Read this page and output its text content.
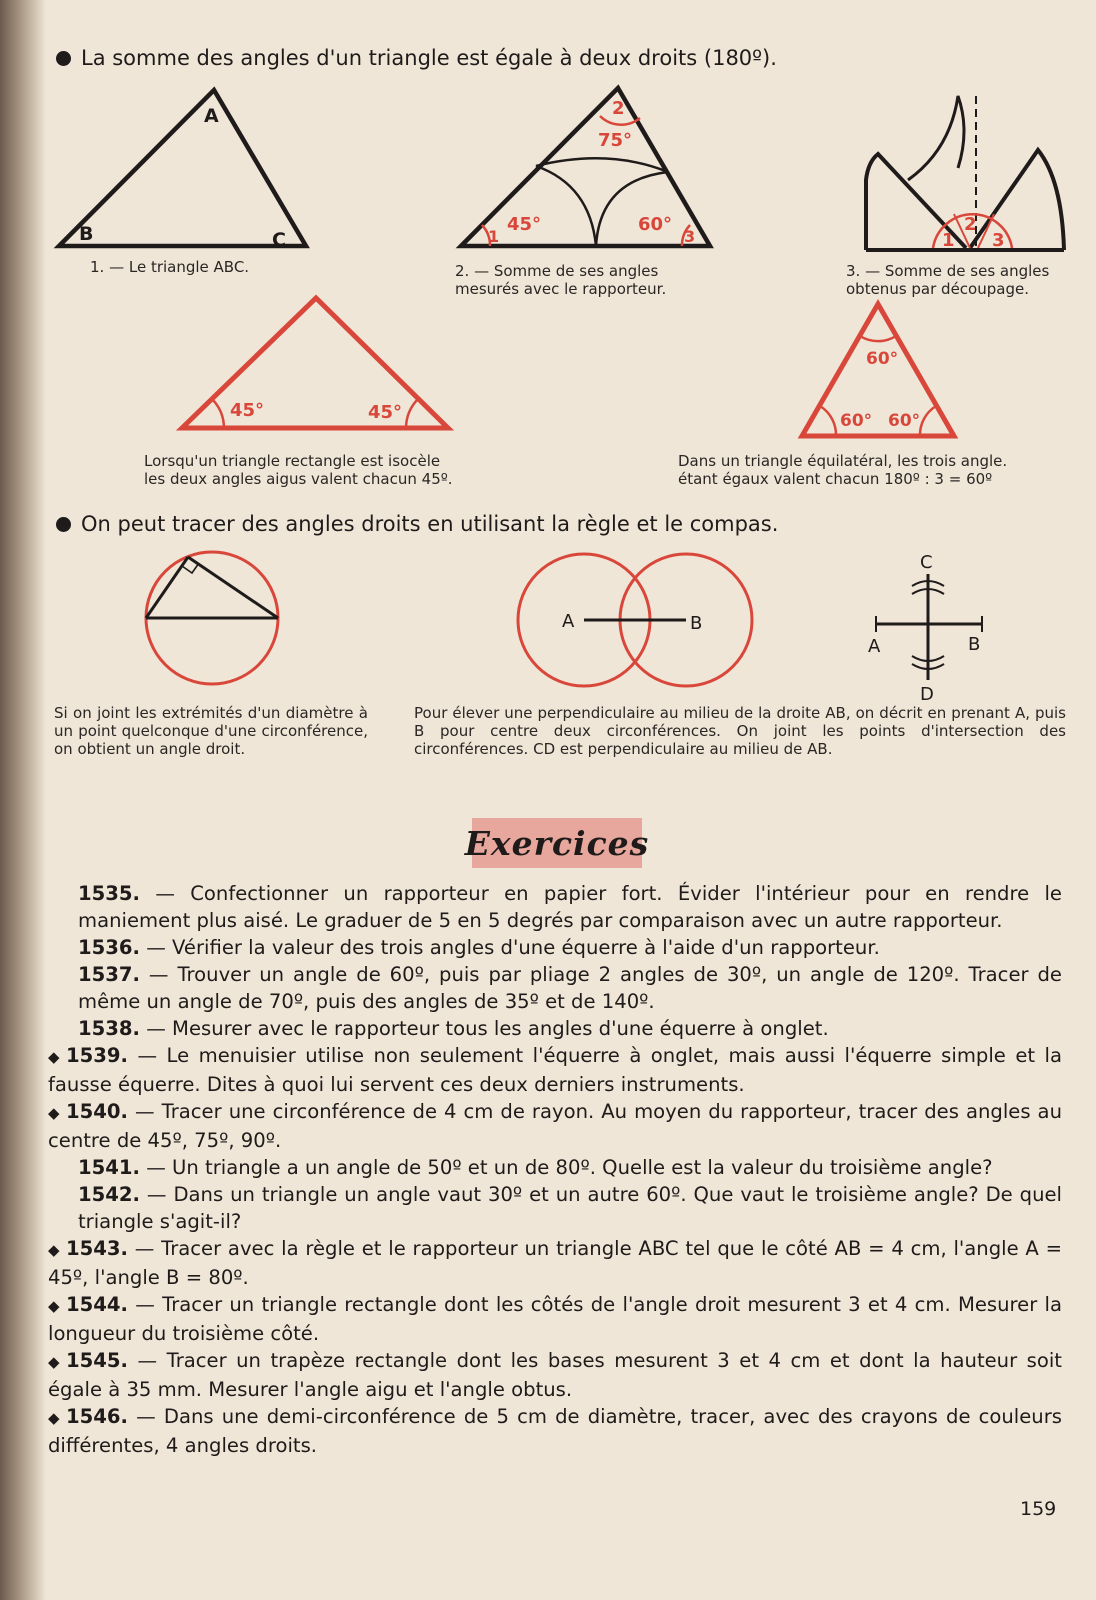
La somme des angles d'un triangle est égale à deux droits (180º).
A
B	C
1. — Le triangle ABC.
1
2
3
45°
75°
60°
2. — Somme de ses angles
mesurés avec le rapporteur.
1
2
3
3. — Somme de ses angles
obtenus par découpage.
45°	45°
Lorsqu'un triangle rectangle est isocèle
les deux angles aigus valent chacun 45º.
60°
60° 60°
Dans un triangle équilatéral, les trois angle.
étant égaux valent chacun 180º : 3 = 60º
On peut tracer des angles droits en utilisant la règle et le compas.
Si on joint les extrémités d'un diamètre à un point quelconque d'une circonférence, on obtient un angle droit.
A	B
C
A	B
D
Pour élever une perpendiculaire au milieu de la droite AB, on décrit en prenant A, puis B pour centre deux circonférences. On joint les points d'intersection des circonférences. CD est perpendiculaire au milieu de AB.
Exercices
1535. — Confectionner un rapporteur en papier fort. Évider l'intérieur pour en rendre le maniement plus aisé. Le graduer de 5 en 5 degrés par comparaison avec un autre rapporteur.
1536. — Vérifier la valeur des trois angles d'une équerre à l'aide d'un rapporteur.
1537. — Trouver un angle de 60º, puis par pliage 2 angles de 30º, un angle de 120º. Tracer de même un angle de 70º, puis des angles de 35º et de 140º.
1538. — Mesurer avec le rapporteur tous les angles d'une équerre à onglet.
◆ 1539. — Le menuisier utilise non seulement l'équerre à onglet, mais aussi l'équerre simple et la fausse équerre. Dites à quoi lui servent ces deux derniers instruments.
◆ 1540. — Tracer une circonférence de 4 cm de rayon. Au moyen du rapporteur, tracer des angles au centre de 45º, 75º, 90º.
1541. — Un triangle a un angle de 50º et un de 80º. Quelle est la valeur du troisième angle?
1542. — Dans un triangle un angle vaut 30º et un autre 60º. Que vaut le troisième angle? De quel triangle s'agit-il?
◆ 1543. — Tracer avec la règle et le rapporteur un triangle ABC tel que le côté AB = 4 cm, l'angle A = 45º, l'angle B = 80º.
◆ 1544. — Tracer un triangle rectangle dont les côtés de l'angle droit mesurent 3 et 4 cm. Mesurer la longueur du troisième côté.
◆ 1545. — Tracer un trapèze rectangle dont les bases mesurent 3 et 4 cm et dont la hauteur soit égale à 35 mm. Mesurer l'angle aigu et l'angle obtus.
◆ 1546. — Dans une demi-circonférence de 5 cm de diamètre, tracer, avec des crayons de couleurs différentes, 4 angles droits.
159
